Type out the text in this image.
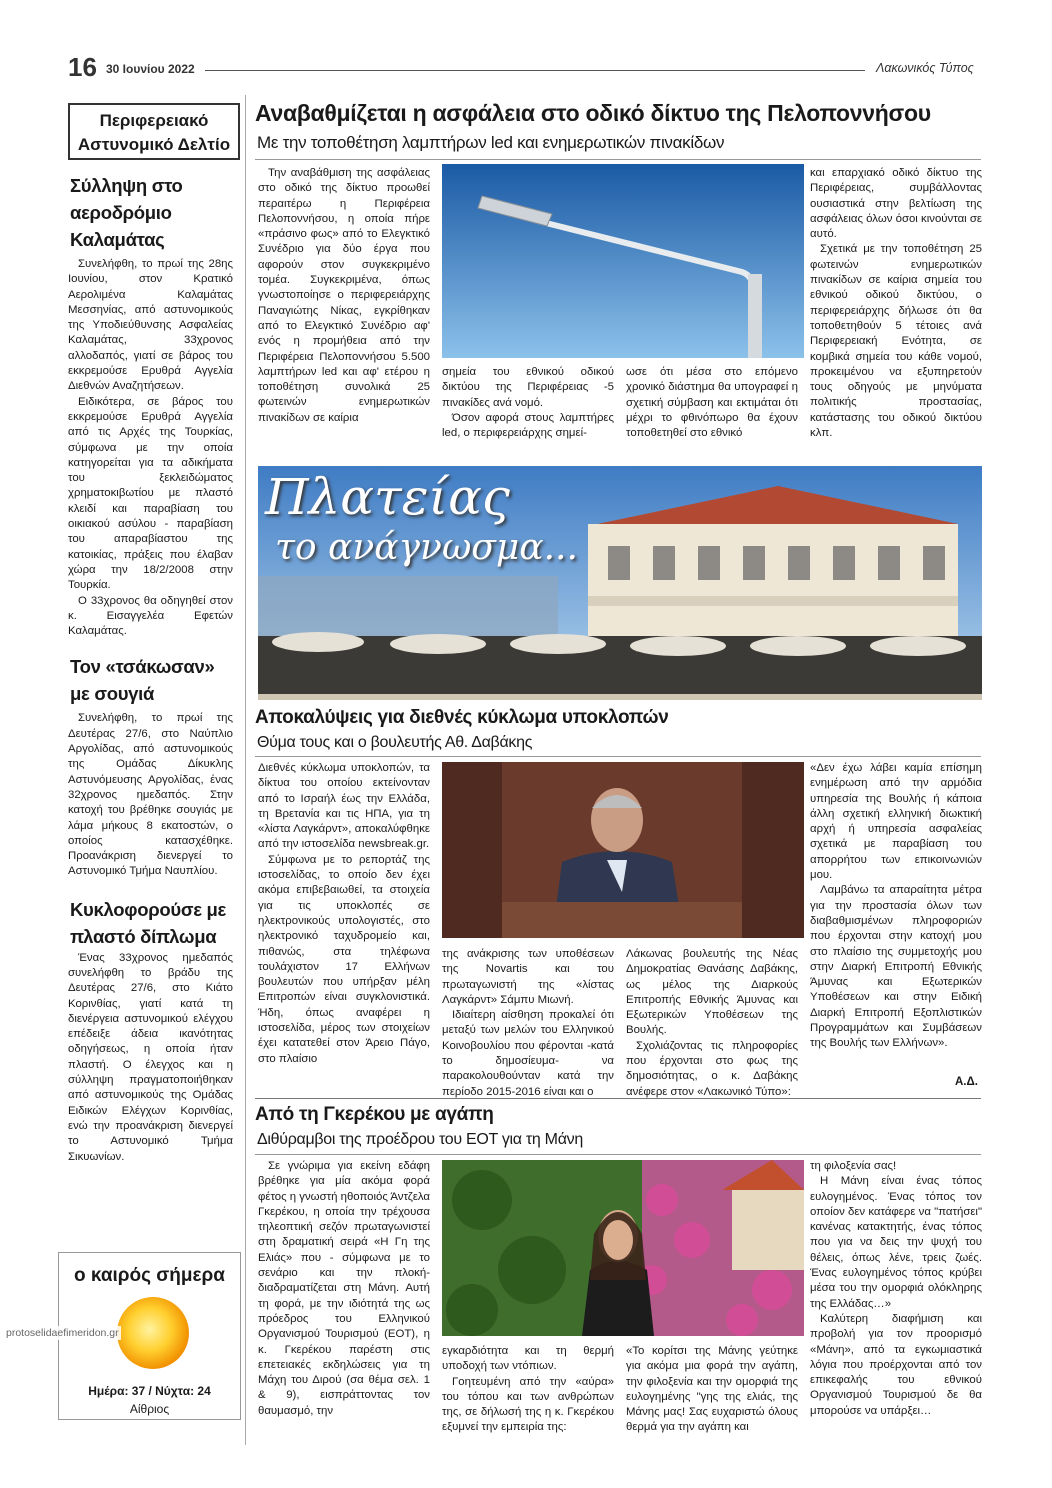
16 30 Ιουνίου 2022	Λακωνικός Τύπος
Περιφερειακό Αστυνομικό Δελτίο
Σύλληψη στο αεροδρόμιο Καλαμάτας

Συνελήφθη, το πρωί της 28ης Ιουνίου, στον Κρατικό Αερολιμένα Καλαμάτας Μεσσηνίας, από αστυνομικούς της Υποδιεύθυνσης Ασφαλείας Καλαμάτας, 33χρονος αλλοδαπός, γιατί σε βάρος του εκκρεμούσε Ερυθρά Αγγελία Διεθνών Αναζητήσεων.

Ειδικότερα, σε βάρος του εκκρεμούσε Ερυθρά Αγγελία από τις Αρχές της Τουρκίας, σύμφωνα με την οποία κατηγορείται για τα αδικήματα του ξεκλειδώματος χρηματοκιβωτίου με πλαστό κλειδί και παραβίαση του οικιακού ασύλου - παραβίαση του απαραβίαστου της κατοικίας, πράξεις που έλαβαν χώρα την 18/2/2008 στην Τουρκία.

Ο 33χρονος θα οδηγηθεί στον κ. Εισαγγελέα Εφετών Καλαμάτας.

Τον «τσάκωσαν» με σουγιά

Συνελήφθη, το πρωί της Δευτέρας 27/6, στο Ναύπλιο Αργολίδας, από αστυνομικούς της Ομάδας Δίκυκλης Αστυνόμευσης Αργολίδας, ένας 32χρονος ημεδαπός. Στην κατοχή του βρέθηκε σουγιάς με λάμα μήκους 8 εκατοστών, ο οποίος κατασχέθηκε. Προανάκριση διενεργεί το Αστυνομικό Τμήμα Ναυπλίου.

Κυκλοφορούσε με πλαστό δίπλωμα

Ένας 33χρονος ημεδαπός συνελήφθη το βράδυ της Δευτέρας 27/6, στο Κιάτο Κορινθίας, γιατί κατά τη διενέργεια αστυνομικού ελέγχου επέδειξε άδεια ικανότητας οδηγήσεως, η οποία ήταν πλαστή. Ο έλεγχος και η σύλληψη πραγματοποιήθηκαν από αστυνομικούς της Ομάδας Ειδικών Ελέγχων Κορινθίας, ενώ την προανάκριση διενεργεί το Αστυνομικό Τμήμα Σικυωνίων.

ο καιρός σήμερα
protoselidaefimeridon.gr
Ημέρα: 37 / Νύχτα: 24
Αίθριος
Αναβαθμίζεται η ασφάλεια στο οδικό δίκτυο της Πελοποννήσου
Με την τοποθέτηση λαμπτήρων led και ενημερωτικών πινακίδων
Την αναβάθμιση της ασφάλειας στο οδικό της δίκτυο προωθεί περαιτέρω η Περιφέρεια Πελοποννήσου, η οποία πήρε «πράσινο φως» από το Ελεγκτικό Συνέδριο για δύο έργα που αφορούν στον συγκεκριμένο τομέα. Συγκεκριμένα, όπως γνωστοποίησε ο περιφερειάρχης Παναγιώτης Νίκας, εγκρίθηκαν από το Ελεγκτικό Συνέδριο αφ' ενός η προμήθεια από την Περιφέρεια Πελοποννήσου 5.500 λαμπτήρων led και αφ' ετέρου η τοποθέτηση συνολικά 25 φωτεινών ενημερωτικών πινακίδων σε καίρια
σημεία του εθνικού οδικού δικτύου της Περιφέρειας -5 πινακίδες ανά νομό.

Όσον αφορά στους λαμπτήρες led, ο περιφερειάρχης σημεί-

ωσε ότι μέσα στο επόμενο χρονικό διάστημα θα υπογραφεί η σχετική σύμβαση και εκτιμάται ότι μέχρι το φθινόπωρο θα έχουν τοποθετηθεί στο εθνικό
και επαρχιακό οδικό δίκτυο της Περιφέρειας, συμβάλλοντας ουσιαστικά στην βελτίωση της ασφάλειας όλων όσοι κινούνται σε αυτό.

Σχετικά με την τοποθέτηση 25 φωτεινών ενημερωτικών πινακίδων σε καίρια σημεία του εθνικού οδικού δικτύου, ο περιφερειάρχης δήλωσε ότι θα τοποθετηθούν 5 τέτοιες ανά Περιφερειακή Ενότητα, σε κομβικά σημεία του κάθε νομού, προκειμένου να εξυπηρετούν τους οδηγούς με μηνύματα πολιτικής προστασίας, κατάστασης του οδικού δικτύου κλπ.

Πλατείας
το ανάγνωσμα...
Αποκαλύψεις για διεθνές κύκλωμα υποκλοπών
Θύμα τους και ο βουλευτής Αθ. Δαβάκης
Διεθνές κύκλωμα υποκλοπών, τα δίκτυα του οποίου εκτείνονταν από το Ισραήλ έως την Ελλάδα, τη Βρετανία και τις ΗΠΑ, για τη «λίστα Λαγκάρντ», αποκαλύφθηκε από την ιστοσελίδα newsbreak.gr.

Σύμφωνα με το ρεπορτάζ της ιστοσελίδας, το οποίο δεν έχει ακόμα επιβεβαιωθεί, τα στοιχεία για τις υποκλοπές σε ηλεκτρονικούς υπολογιστές, στο ηλεκτρονικό ταχυδρομείο και, πιθανώς, στα τηλέφωνα τουλάχιστον 17 Ελλήνων βουλευτών που υπήρξαν μέλη Επιτροπών είναι συγκλονιστικά. Ήδη, όπως αναφέρει η ιστοσελίδα, μέρος των στοιχείων έχει κατατεθεί στον Άρειο Πάγο, στο πλαίσιο

της ανάκρισης των υποθέσεων της Novartis και του πρωταγωνιστή της «λίστας Λαγκάρντ» Σάμπυ Μιωνή.

Ιδιαίτερη αίσθηση προκαλεί ότι μεταξύ των μελών του Ελληνικού Κοινοβουλίου που φέρονται -κατά το δημοσίευμα- να παρακολουθούνταν κατά την περίοδο 2015-2016 είναι και ο

Λάκωνας βουλευτής της Νέας Δημοκρατίας Θανάσης Δαβάκης, ως μέλος της Διαρκούς Επιτροπής Εθνικής Άμυνας και Εξωτερικών Υποθέσεων της Βουλής.

Σχολιάζοντας τις πληροφορίες που έρχονται στο φως της δημοσιότητας, ο κ. Δαβάκης ανέφερε στον «Λακωνικό Τύπο»:

«Δεν έχω λάβει καμία επίσημη ενημέρωση από την αρμόδια υπηρεσία της Βουλής ή κάποια άλλη σχετική ελληνική διωκτική αρχή ή υπηρεσία ασφαλείας σχετικά με παραβίαση του απορρήτου των επικοινωνιών μου.

Λαμβάνω τα απαραίτητα μέτρα για την προστασία όλων των διαβαθμισμένων πληροφοριών που έρχονται στην κατοχή μου στο πλαίσιο της συμμετοχής μου στην Διαρκή Επιτροπή Εθνικής Άμυνας και Εξωτερικών Υποθέσεων και στην Ειδική Διαρκή Επιτροπή Εξοπλιστικών Προγραμμάτων και Συμβάσεων της Βουλής των Ελλήνων».

Α.Δ.
Από τη Γκερέκου με αγάπη
Διθύραμβοι της προέδρου του ΕΟΤ για τη Μάνη
Σε γνώριμα για εκείνη εδάφη βρέθηκε για μία ακόμα φορά φέτος η γνωστή ηθοποιός Άντζελα Γκερέκου, η οποία την τρέχουσα τηλεοπτική σεζόν πρωταγωνιστεί στη δραματική σειρά «Η Γη της Ελιάς» που - σύμφωνα με το σενάριο και την πλοκή- διαδραματίζεται στη Μάνη. Αυτή τη φορά, με την ιδιότητά της ως πρόεδρος του Ελληνικού Οργανισμού Τουρισμού (ΕΟΤ), η κ. Γκερέκου παρέστη στις επετειακές εκδηλώσεις για τη Μάχη του Διρού (σα θέμα σελ. 1 & 9), εισπράττοντας τον θαυμασμό, την
εγκαρδιότητα και τη θερμή υποδοχή των ντόπιων.

Γοητευμένη από την «αύρα» του τόπου και των ανθρώπων της, σε δήλωσή της η κ. Γκερέκου εξυμνεί την εμπειρία της:

«Το κορίτσι της Μάνης γεύτηκε για ακόμα μια φορά την αγάπη, την φιλοξενία και την ομορφιά της ευλογημένης "γης της ελιάς, της Μάνης μας! Σας ευχαριστώ όλους θερμά για την αγάπη και
τη φιλοξενία σας!

Η Μάνη είναι ένας τόπος ευλογημένος. Ένας τόπος τον οποίον δεν κατάφερε να "πατήσει" κανένας κατακτητής, ένας τόπος που για να δεις την ψυχή του θέλεις, όπως λένε, τρεις ζωές. Ένας ευλογημένος τόπος κρύβει μέσα του την ομορφιά ολόκληρης της Ελλάδας…»

Καλύτερη διαφήμιση και προβολή για τον προορισμό «Μάνη», από τα εγκωμιαστικά λόγια που προέρχονται από τον επικεφαλής του εθνικού Οργανισμού Τουρισμού δε θα μπορούσε να υπάρξει…
